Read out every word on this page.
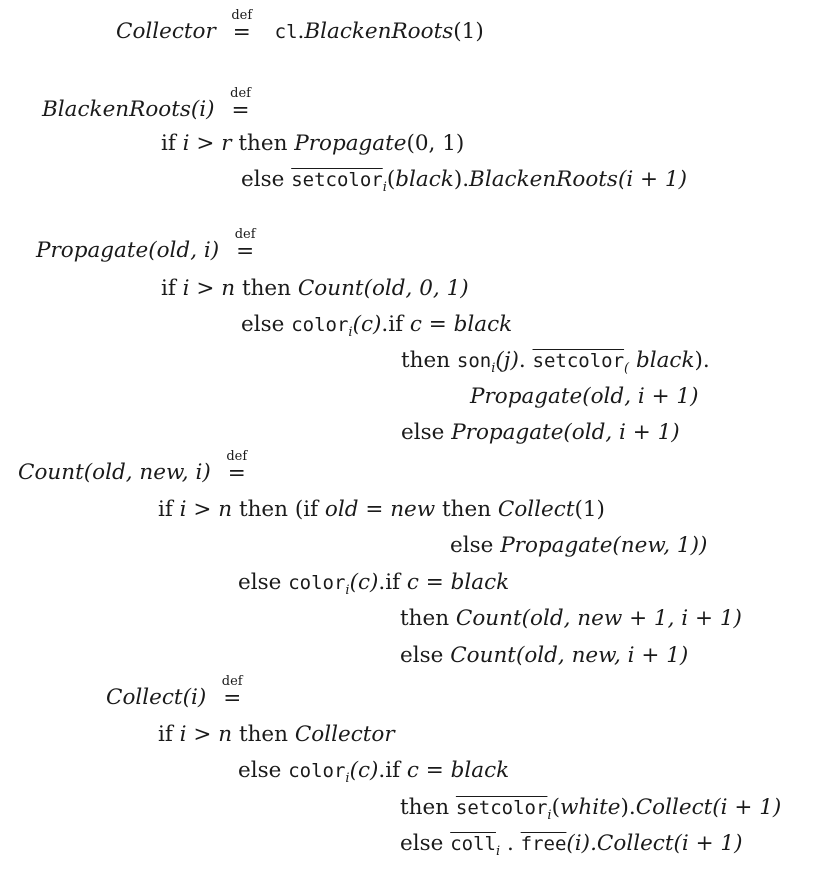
Collector
def
= cl.BlackenRoots(1)
BlackenRoots(i)
def
=
if i > r then Propagate(0, 1)
else setcolor$_i$(black).BlackenRoots(i + 1)
Propagate(old, i)
def
=
if i > n then Count(old, 0, 1)
else color$_i$(c).if c = black
then son$_i$(j). setcolor$_($ black).
Propagate(old, i + 1)
else Propagate(old, i + 1)
Count(old, new, i)
def
=
if i > n then (if old = new then Collect(1)
else Propagate(new, 1))
else color$_i$(c).if c = black
then Count(old, new + 1, i + 1)
else Count(old, new, i + 1)
Collect(i)
def
=
if i > n then Collector
else color$_i$(c).if c = black
then setcolor$_i$(white).Collect(i + 1)
else coll$_i$ . free(i).Collect(i + 1)
